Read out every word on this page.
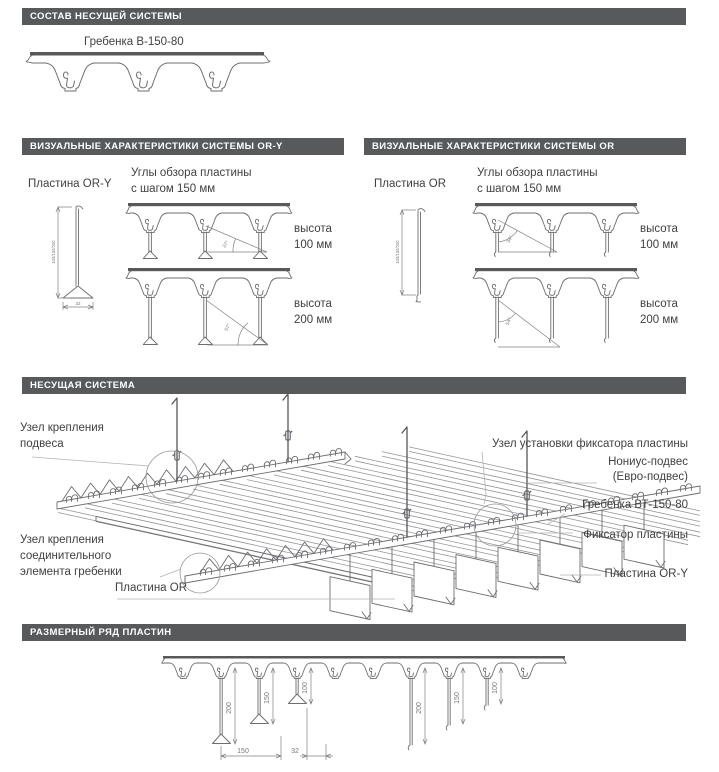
СОСТАВ НЕСУЩЕЙ СИСТЕМЫ
Гребенка В-150-80
ВИЗУАЛЬНЫЕ ХАРАКТЕРИСТИКИ СИСТЕМЫ OR-Y
Пластина OR-Y
Углы обзора пластины
с шагом 150 мм
высота
100 мм
высота
200 мм
100/150/200
32
37°
57°
ВИЗУАЛЬНЫЕ ХАРАКТЕРИСТИКИ СИСТЕМЫ OR
Пластина OR
Углы обзора пластины
с шагом 150 мм
высота
100 мм
высота
200 мм
100/150/200
34°
54°
НЕСУЩАЯ СИСТЕМА
Узел крепления
подвеса
Узел крепления
соединительного
элемента гребенки
Пластина OR
Узел установки фиксатора пластины
Нониус-подвес
(Евро-подвес)
Гребенка ВТ-150-80
Фиксатор пластины
Пластина OR-Y
РАЗМЕРНЫЙ РЯД ПЛАСТИН
200
150
100
200
150
100
150	32
